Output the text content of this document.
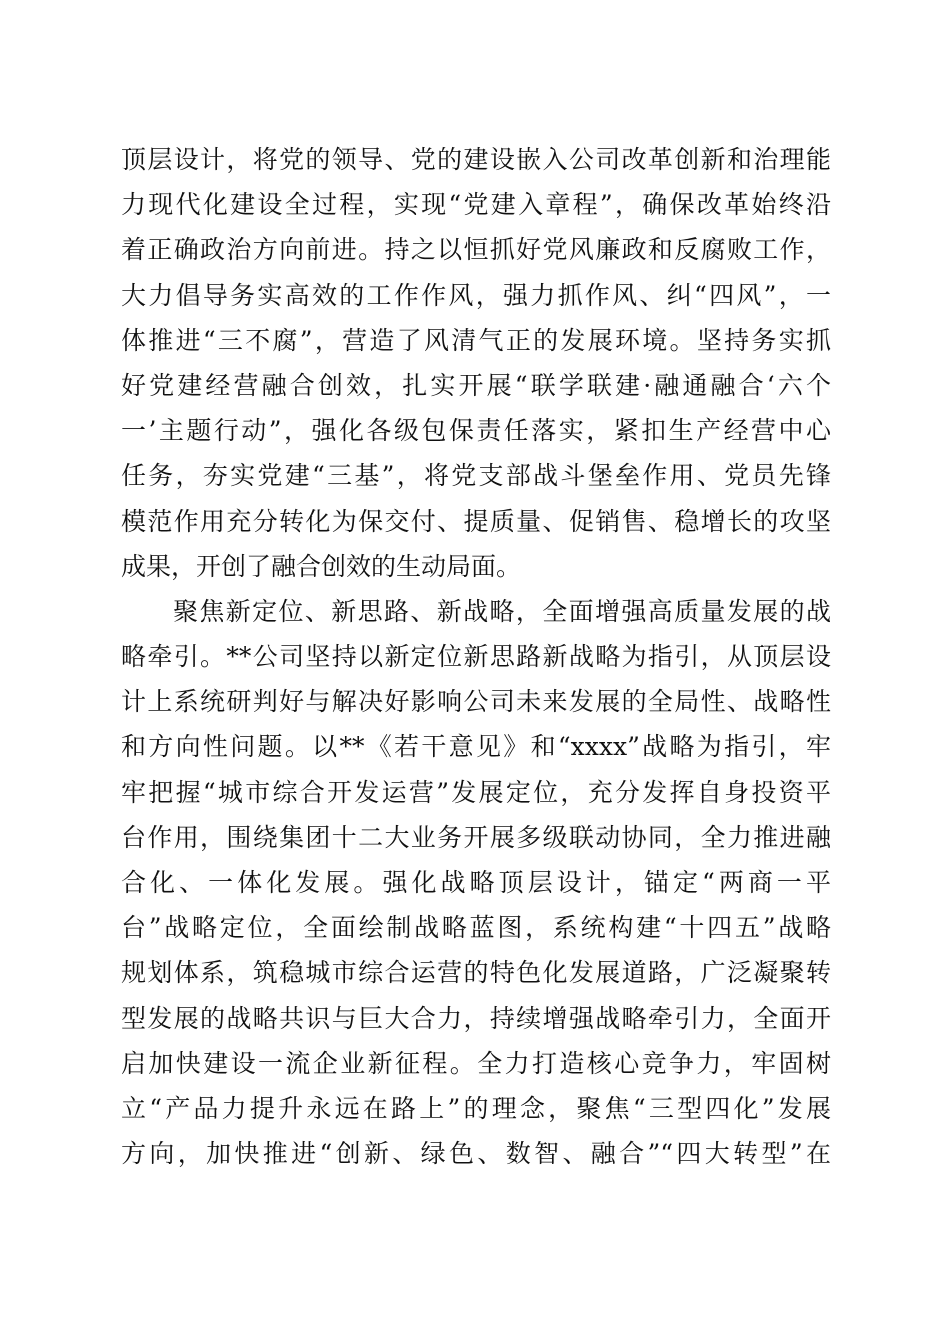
顶层设计，将党的领导、党的建设嵌入公司改革创新和治理能
力现代化建设全过程，实现“党建入章程”，确保改革始终沿
着正确政治方向前进。持之以恒抓好党风廉政和反腐败工作，
大力倡导务实高效的工作作风，强力抓作风、纠“四风”，一
体推进“三不腐”，营造了风清气正的发展环境。坚持务实抓
好党建经营融合创效，扎实开展“联学联建·融通融合‘六个
一’主题行动”，强化各级包保责任落实，紧扣生产经营中心
任务，夯实党建“三基”，将党支部战斗堡垒作用、党员先锋
模范作用充分转化为保交付、提质量、促销售、稳增长的攻坚
成果，开创了融合创效的生动局面。
聚焦新定位、新思路、新战略，全面增强高质量发展的战
略牵引。**公司坚持以新定位新思路新战略为指引，从顶层设
计上系统研判好与解决好影响公司未来发展的全局性、战略性
和方向性问题。以**《若干意见》和“xxxx”战略为指引，牢
牢把握“城市综合开发运营”发展定位，充分发挥自身投资平
台作用，围绕集团十二大业务开展多级联动协同，全力推进融
合化、一体化发展。强化战略顶层设计，锚定“两商一平
台”战略定位，全面绘制战略蓝图，系统构建“十四五”战略
规划体系，筑稳城市综合运营的特色化发展道路，广泛凝聚转
型发展的战略共识与巨大合力，持续增强战略牵引力，全面开
启加快建设一流企业新征程。全力打造核心竞争力，牢固树
立“产品力提升永远在路上”的理念，聚焦“三型四化”发展
方向，加快推进“创新、绿色、数智、融合”“四大转型”在
